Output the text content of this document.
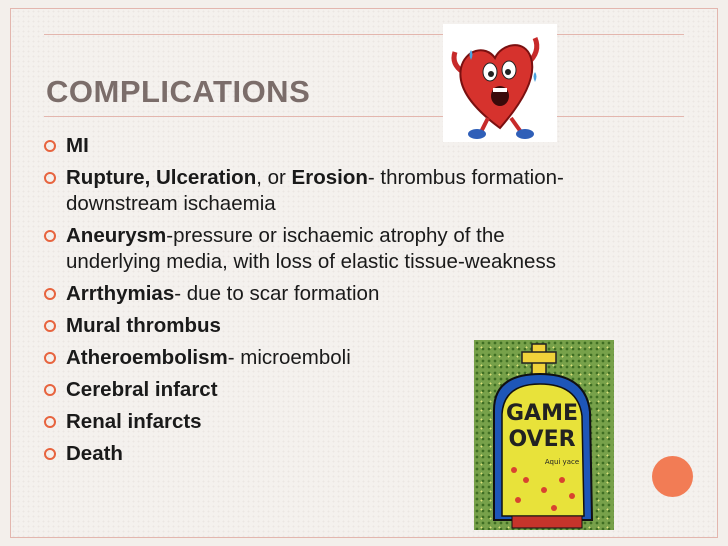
COMPLICATIONS
MI
Rupture, Ulceration, or Erosion- thrombus formation-downstream ischaemia
Aneurysm-pressure or ischaemic atrophy of the underlying media, with loss of elastic tissue-weakness
Arrthymias- due to scar formation
Mural thrombus
Atheroembolism- microemboli
Cerebral infarct
Renal infarcts
Death
GAME
OVER
Aqui yace
